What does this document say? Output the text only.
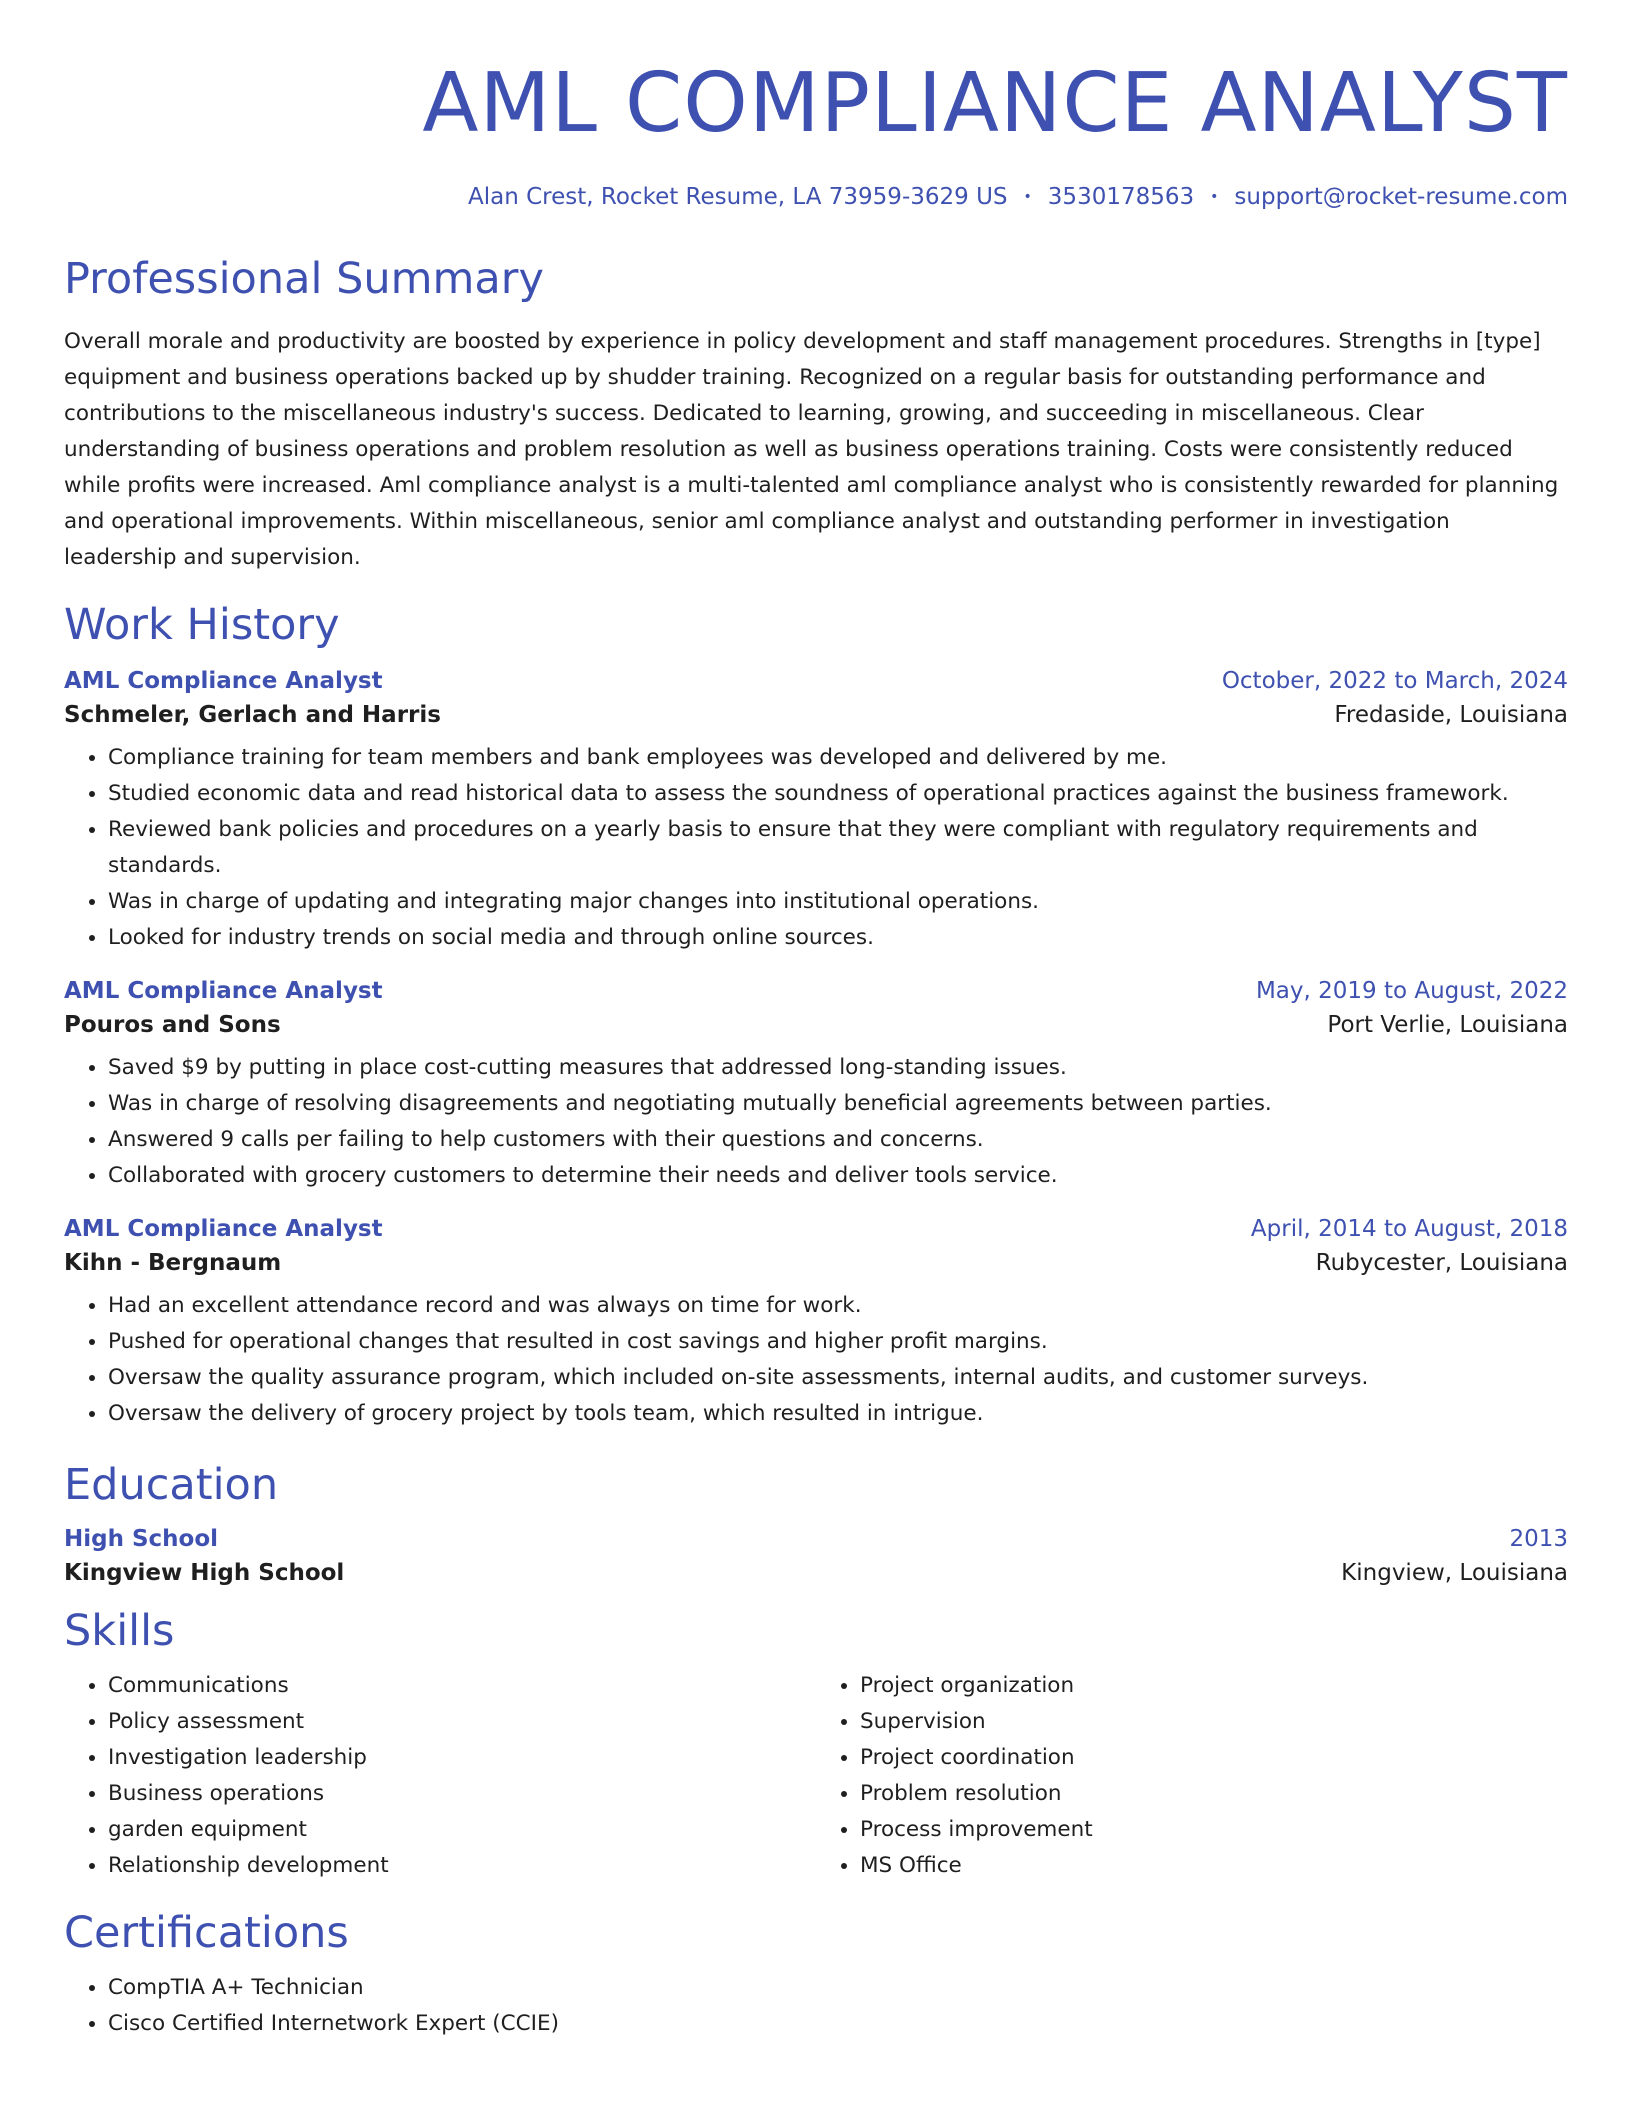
AML COMPLIANCE ANALYST
Alan Crest, Rocket Resume, LA 73959-3629 US • 3530178563 • support@rocket-resume.com
Professional Summary

Overall morale and productivity are boosted by experience in policy development and staff management procedures. Strengths in [type] equipment and business operations backed up by shudder training. Recognized on a regular basis for outstanding performance and contributions to the miscellaneous industry's success. Dedicated to learning, growing, and succeeding in miscellaneous. Clear understanding of business operations and problem resolution as well as business operations training. Costs were consistently reduced while profits were increased. Aml compliance analyst is a multi-talented aml compliance analyst who is consistently rewarded for planning and operational improvements. Within miscellaneous, senior aml compliance analyst and outstanding performer in investigation leadership and supervision.

Work History
AML Compliance Analyst	October, 2022 to March, 2024
Schmeler, Gerlach and Harris	Fredaside, Louisiana
• Compliance training for team members and bank employees was developed and delivered by me.
• Studied economic data and read historical data to assess the soundness of operational practices against the business framework.
• Reviewed bank policies and procedures on a yearly basis to ensure that they were compliant with regulatory requirements and standards.
• Was in charge of updating and integrating major changes into institutional operations.
• Looked for industry trends on social media and through online sources.
AML Compliance Analyst	May, 2019 to August, 2022
Pouros and Sons	Port Verlie, Louisiana
• Saved $9 by putting in place cost-cutting measures that addressed long-standing issues.
• Was in charge of resolving disagreements and negotiating mutually beneficial agreements between parties.
• Answered 9 calls per failing to help customers with their questions and concerns.
• Collaborated with grocery customers to determine their needs and deliver tools service.
AML Compliance Analyst	April, 2014 to August, 2018
Kihn - Bergnaum	Rubycester, Louisiana
• Had an excellent attendance record and was always on time for work.
• Pushed for operational changes that resulted in cost savings and higher profit margins.
• Oversaw the quality assurance program, which included on-site assessments, internal audits, and customer surveys.
• Oversaw the delivery of grocery project by tools team, which resulted in intrigue.
Education
High School	2013
Kingview High School	Kingview, Louisiana
Skills
• Communications
• Policy assessment
• Investigation leadership
• Business operations
• garden equipment
• Relationship development
• Project organization
• Supervision
• Project coordination
• Problem resolution
• Process improvement
• MS Office
Certifications
• CompTIA A+ Technician
• Cisco Certified Internetwork Expert (CCIE)
